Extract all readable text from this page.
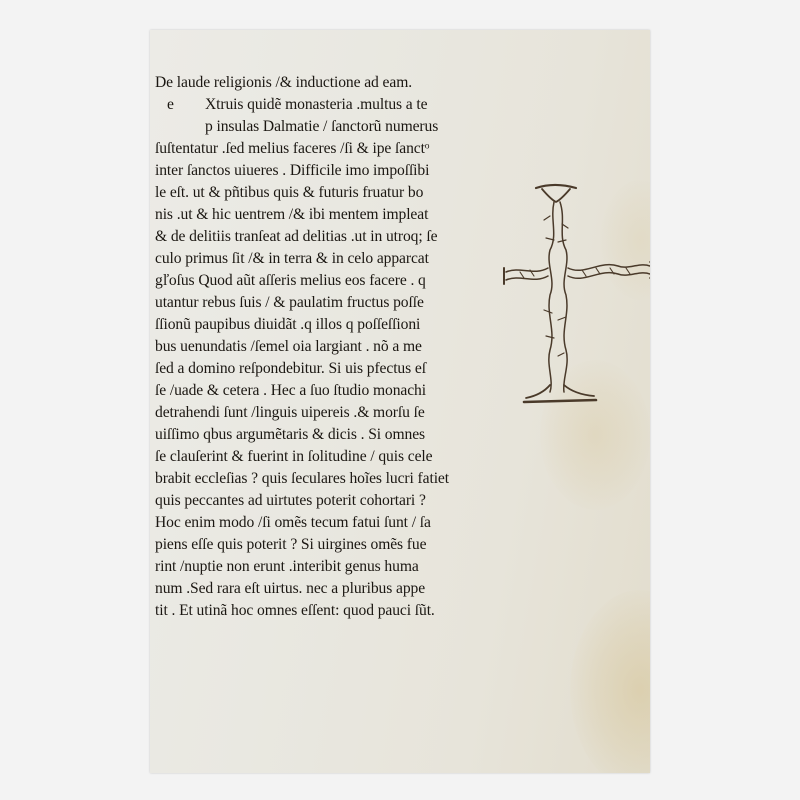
De laude religionis /& inductione ad eam.
e Xtruis quidẽ monasteria .multus a te
p insulas Dalmatie / ſanctorũ numerus
ſuſtentatur .ſed melius faceres /ſi & ipe ſanctᵒ
inter ſanctos uiueres . Difficile imo impoſſibi
le eſt. ut & pñtibus quis & futuris fruatur bo
nis .ut & hic uentrem /& ibi mentem impleat
& de delitiis tranſeat ad delitias .ut in utroq; ſe
culo primus ſit /& in terra & in celo apparcat
gľoſus Quod aũt aſſeris melius eos facere . q
utantur rebus ſuis / & paulatim fructus poſſe
ſſionũ paupibus diuidãt .q illos q poſſeſſioni
bus uenundatis /ſemel oia largiant . nõ a me
ſed a domino reſpondebitur. Si uis pfectus eſ
ſe /uade & cetera . Hec a ſuo ſtudio monachi
detrahendi ſunt /linguis uipereis .& morſu ſe
uiſſimo qbus argumẽtaris & dicis . Si omnes
ſe clauſerint & fuerint in ſolitudine / quis cele
brabit eccleſias ? quis ſeculares hoĩes lucri fatiet
quis peccantes ad uirtutes poterit cohortari ?
Hoc enim modo /ſi omẽs tecum fatui ſunt / ſa
piens eſſe quis poterit ? Si uirgines omẽs fue
rint /nuptie non erunt .interibit genus huma
num .Sed rara eſt uirtus. nec a pluribus appe
tit . Et utinã hoc omnes eſſent: quod pauci ſũt.
